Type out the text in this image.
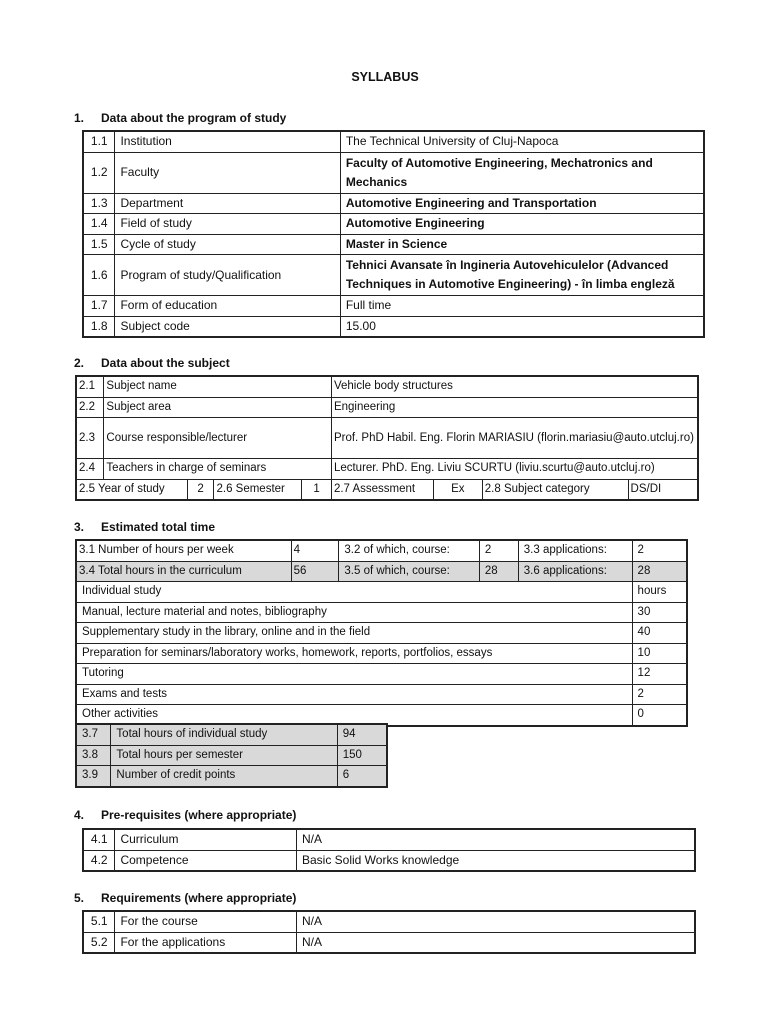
SYLLABUS
1. Data about the program of study
1.1	Institution	The Technical University of Cluj-Napoca
1.2	Faculty	Faculty of Automotive Engineering, Mechatronics and Mechanics
1.3	Department	Automotive Engineering and Transportation
1.4	Field of study	Automotive Engineering
1.5	Cycle of study	Master in Science
1.6	Program of study/Qualification	Tehnici Avansate în Ingineria Autovehiculelor (Advanced Techniques in Automotive Engineering) - în limba engleză
1.7	Form of education	Full time
1.8	Subject code	15.00
2. Data about the subject
2.1	Subject name				Vehicle body structures			
2.2	Subject area				Engineering			
2.3	Course responsible/lecturer				Prof. PhD Habil. Eng. Florin MARIASIU (florin.mariasiu@auto.utcluj.ro)			
2.4	Teachers in charge of seminars				Lecturer. PhD. Eng. Liviu SCURTU (liviu.scurtu@auto.utcluj.ro)			
2.5 Year of study		2	2.6 Semester	1	2.7 Assessment	Ex	2.8 Subject category	DS/DI
3. Estimated total time
3.1 Number of hours per week	4	3.2 of which, course:	2	3.3 applications:	2
3.4 Total hours in the curriculum	56	3.5 of which, course:	28	3.6 applications:	28
Individual study					hours
Manual, lecture material and notes, bibliography					30
Supplementary study in the library, online and in the field					40
Preparation for seminars/laboratory works, homework, reports, portfolios, essays					10
Tutoring					12
Exams and tests					2
Other activities					0
3.7	Total hours of individual study	94
3.8	Total hours per semester	150
3.9	Number of credit points	6
4. Pre-requisites (where appropriate)
4.1	Curriculum	N/A
4.2	Competence	Basic Solid Works knowledge
5. Requirements (where appropriate)
5.1	For the course	N/A
5.2	For the applications	N/A
